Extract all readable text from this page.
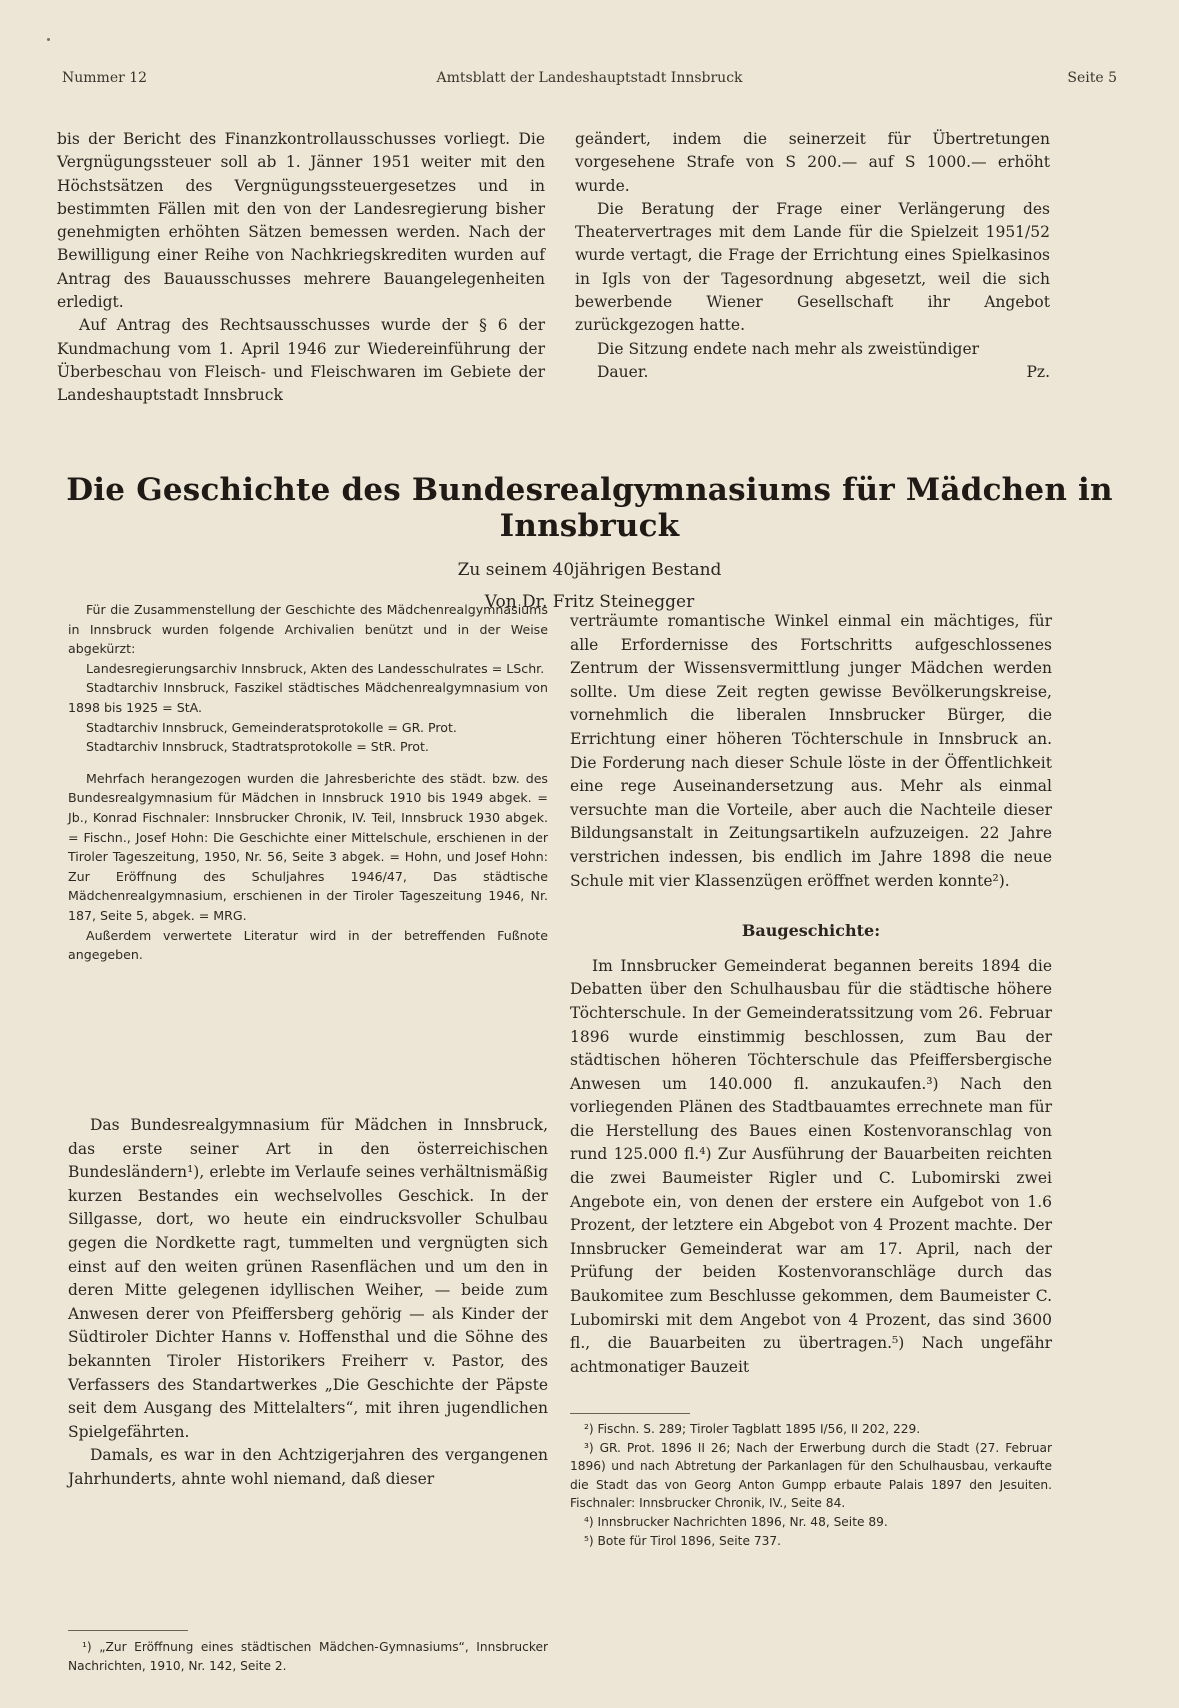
Nummer 12	Amtsblatt der Landeshauptstadt Innsbruck	Seite 5

bis der Bericht des Finanzkontrollausschusses vorliegt. Die Vergnügungssteuer soll ab 1. Jänner 1951 weiter mit den Höchstsätzen des Vergnügungssteuergesetzes und in bestimmten Fällen mit den von der Landesregierung bisher genehmigten erhöhten Sätzen bemessen werden. Nach der Bewilligung einer Reihe von Nachkriegskrediten wurden auf Antrag des Bauausschusses mehrere Bauangelegenheiten erledigt.

Auf Antrag des Rechtsausschusses wurde der § 6 der Kundmachung vom 1. April 1946 zur Wiedereinführung der Überbeschau von Fleisch- und Fleischwaren im Gebiete der Landeshauptstadt Innsbruck

geändert, indem die seinerzeit für Übertretungen vorgesehene Strafe von S 200.— auf S 1000.— erhöht wurde.

Die Beratung der Frage einer Verlängerung des Theatervertrages mit dem Lande für die Spielzeit 1951/52 wurde vertagt, die Frage der Errichtung eines Spielkasinos in Igls von der Tagesordnung abgesetzt, weil die sich bewerbende Wiener Gesellschaft ihr Angebot zurückgezogen hatte.

Die Sitzung endete nach mehr als zweistündiger

Dauer.	Pz.

Die Geschichte des Bundesrealgymnasiums für Mädchen in Innsbruck
Zu seinem 40jährigen Bestand
Von Dr. Fritz Steinegger

Für die Zusammenstellung der Geschichte des Mädchenrealgymnasiums in Innsbruck wurden folgende Archivalien benützt und in der Weise abgekürzt:

Landesregierungsarchiv Innsbruck, Akten des Landesschulrates = LSchr.

Stadtarchiv Innsbruck, Faszikel städtisches Mädchenrealgymnasium von 1898 bis 1925 = StA.

Stadtarchiv Innsbruck, Gemeinderatsprotokolle = GR. Prot.

Stadtarchiv Innsbruck, Stadtratsprotokolle = StR. Prot.

Mehrfach herangezogen wurden die Jahresberichte des städt. bzw. des Bundesrealgymnasium für Mädchen in Innsbruck 1910 bis 1949 abgek. = Jb., Konrad Fischnaler: Innsbrucker Chronik, IV. Teil, Innsbruck 1930 abgek. = Fischn., Josef Hohn: Die Geschichte einer Mittelschule, erschienen in der Tiroler Tageszeitung, 1950, Nr. 56, Seite 3 abgek. = Hohn, und Josef Hohn: Zur Eröffnung des Schuljahres 1946/47, Das städtische Mädchenrealgymnasium, erschienen in der Tiroler Tageszeitung 1946, Nr. 187, Seite 5, abgek. = MRG.

Außerdem verwertete Literatur wird in der betreffenden Fußnote angegeben.

Das Bundesrealgymnasium für Mädchen in Innsbruck, das erste seiner Art in den österreichischen Bundesländern¹), erlebte im Verlaufe seines verhältnismäßig kurzen Bestandes ein wechselvolles Geschick. In der Sillgasse, dort, wo heute ein eindrucksvoller Schulbau gegen die Nordkette ragt, tummelten und vergnügten sich einst auf den weiten grünen Rasenflächen und um den in deren Mitte gelegenen idyllischen Weiher, — beide zum Anwesen derer von Pfeiffersberg gehörig — als Kinder der Südtiroler Dichter Hanns v. Hoffensthal und die Söhne des bekannten Tiroler Historikers Freiherr v. Pastor, des Verfassers des Standartwerkes „Die Geschichte der Päpste seit dem Ausgang des Mittelalters“, mit ihren jugendlichen Spielgefährten.

Damals, es war in den Achtzigerjahren des vergangenen Jahrhunderts, ahnte wohl niemand, daß dieser

verträumte romantische Winkel einmal ein mächtiges, für alle Erfordernisse des Fortschritts aufgeschlossenes Zentrum der Wissensvermittlung junger Mädchen werden sollte. Um diese Zeit regten gewisse Bevölkerungskreise, vornehmlich die liberalen Innsbrucker Bürger, die Errichtung einer höheren Töchterschule in Innsbruck an. Die Forderung nach dieser Schule löste in der Öffentlichkeit eine rege Auseinandersetzung aus. Mehr als einmal versuchte man die Vorteile, aber auch die Nachteile dieser Bildungsanstalt in Zeitungsartikeln aufzuzeigen. 22 Jahre verstrichen indessen, bis endlich im Jahre 1898 die neue Schule mit vier Klassenzügen eröffnet werden konnte²).

Baugeschichte:

Im Innsbrucker Gemeinderat begannen bereits 1894 die Debatten über den Schulhausbau für die städtische höhere Töchterschule. In der Gemeinderatssitzung vom 26. Februar 1896 wurde einstimmig beschlossen, zum Bau der städtischen höheren Töchterschule das Pfeiffersbergische Anwesen um 140.000 fl. anzukaufen.³) Nach den vorliegenden Plänen des Stadtbauamtes errechnete man für die Herstellung des Baues einen Kostenvoranschlag von rund 125.000 fl.⁴) Zur Ausführung der Bauarbeiten reichten die zwei Baumeister Rigler und C. Lubomirski zwei Angebote ein, von denen der erstere ein Aufgebot von 1.6 Prozent, der letztere ein Abgebot von 4 Prozent machte. Der Innsbrucker Gemeinderat war am 17. April, nach der Prüfung der beiden Kostenvoranschläge durch das Baukomitee zum Beschlusse gekommen, dem Baumeister C. Lubomirski mit dem Angebot von 4 Prozent, das sind 3600 fl., die Bauarbeiten zu übertragen.⁵) Nach ungefähr achtmonatiger Bauzeit

¹) „Zur Eröffnung eines städtischen Mädchen-Gymnasiums“, Innsbrucker Nachrichten, 1910, Nr. 142, Seite 2.

²) Fischn. S. 289; Tiroler Tagblatt 1895 I/56, II 202, 229.

³) GR. Prot. 1896 II 26; Nach der Erwerbung durch die Stadt (27. Februar 1896) und nach Abtretung der Parkanlagen für den Schulhausbau, verkaufte die Stadt das von Georg Anton Gumpp erbaute Palais 1897 den Jesuiten. Fischnaler: Innsbrucker Chronik, IV., Seite 84.

⁴) Innsbrucker Nachrichten 1896, Nr. 48, Seite 89.

⁵) Bote für Tirol 1896, Seite 737.
